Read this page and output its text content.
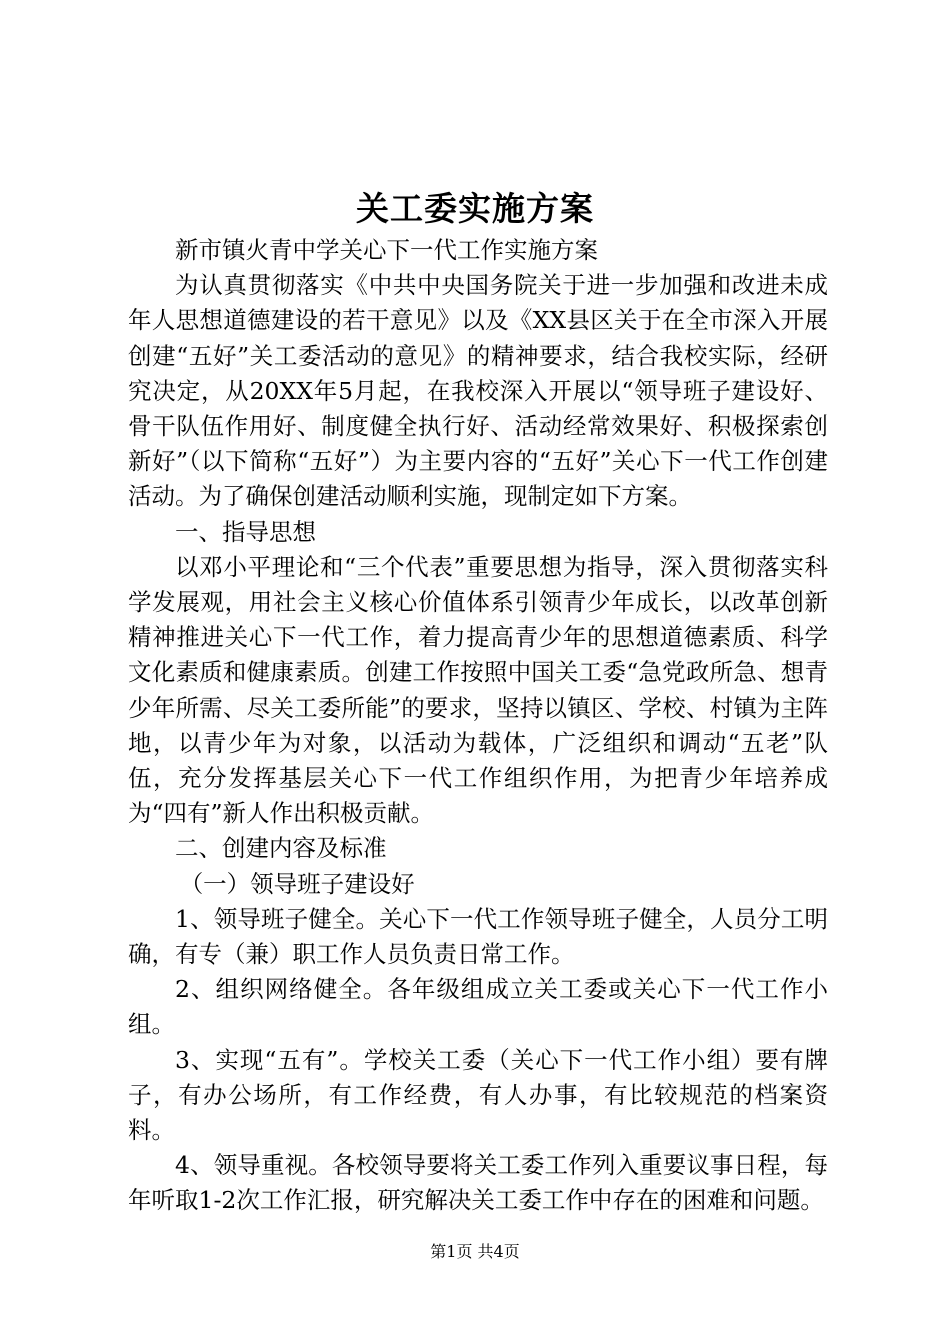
关工委实施方案

新市镇火青中学关心下一代工作实施方案

为认真贯彻落实《中共中央国务院关于进一步加强和改进未成年人思想道德建设的若干意见》以及《XX县区关于在全市深入开展创建“五好”关工委活动的意见》的精神要求，结合我校实际，经研究决定，从20XX年5月起，在我校深入开展以“领导班子建设好、骨干队伍作用好、制度健全执行好、活动经常效果好、积极探索创新好”（以下简称“五好”）为主要内容的“五好”关心下一代工作创建活动。为了确保创建活动顺利实施，现制定如下方案。

一、指导思想

以邓小平理论和“三个代表”重要思想为指导，深入贯彻落实科学发展观，用社会主义核心价值体系引领青少年成长，以改革创新精神推进关心下一代工作，着力提高青少年的思想道德素质、科学文化素质和健康素质。创建工作按照中国关工委“急党政所急、想青少年所需、尽关工委所能”的要求，坚持以镇区、学校、村镇为主阵地，以青少年为对象，以活动为载体，广泛组织和调动“五老”队伍，充分发挥基层关心下一代工作组织作用，为把青少年培养成为“四有”新人作出积极贡献。

二、创建内容及标准

（一）领导班子建设好

1、领导班子健全。关心下一代工作领导班子健全，人员分工明确，有专（兼）职工作人员负责日常工作。

2、组织网络健全。各年级组成立关工委或关心下一代工作小组。

3、实现“五有”。学校关工委（关心下一代工作小组）要有牌子，有办公场所，有工作经费，有人办事，有比较规范的档案资料。

4、领导重视。各校领导要将关工委工作列入重要议事日程，每年听取1-2次工作汇报，研究解决关工委工作中存在的困难和问题。

第1页 共4页
